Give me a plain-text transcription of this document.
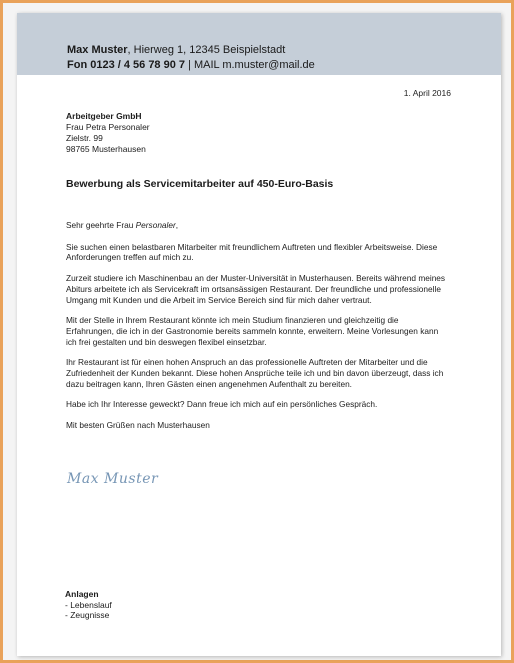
Max Muster, Hierweg 1, 12345 Beispielstadt
Fon 0123 / 4 56 78 90 7 | MAIL m.muster@mail.de
1. April 2016
Arbeitgeber GmbH
Frau Petra Personaler
Zielstr. 99
98765 Musterhausen
Bewerbung als Servicemitarbeiter auf 450-Euro-Basis

Sehr geehrte Frau Personaler,

Sie suchen einen belastbaren Mitarbeiter mit freundlichem Auftreten und flexibler Arbeitsweise. Diese Anforderungen treffen auf mich zu.

Zurzeit studiere ich Maschinenbau an der Muster-Universität in Musterhausen. Bereits während meines Abiturs arbeitete ich als Servicekraft im ortsansässigen Restaurant. Der freundliche und professionelle Umgang mit Kunden und die Arbeit im Service Bereich sind für mich daher vertraut.

Mit der Stelle in Ihrem Restaurant könnte ich mein Studium finanzieren und gleichzeitig die Erfahrungen, die ich in der Gastronomie bereits sammeln konnte, erweitern. Meine Vorlesungen kann ich frei gestalten und bin deswegen flexibel einsetzbar.

Ihr Restaurant ist für einen hohen Anspruch an das professionelle Auftreten der Mitarbeiter und die Zufriedenheit der Kunden bekannt. Diese hohen Ansprüche teile ich und bin davon überzeugt, dass ich dazu beitragen kann, Ihren Gästen einen angenehmen Aufenthalt zu bereiten.

Habe ich Ihr Interesse geweckt? Dann freue ich mich auf ein persönliches Gespräch.

Mit besten Grüßen nach Musterhausen

Max Muster
Anlagen
- Lebenslauf
- Zeugnisse
